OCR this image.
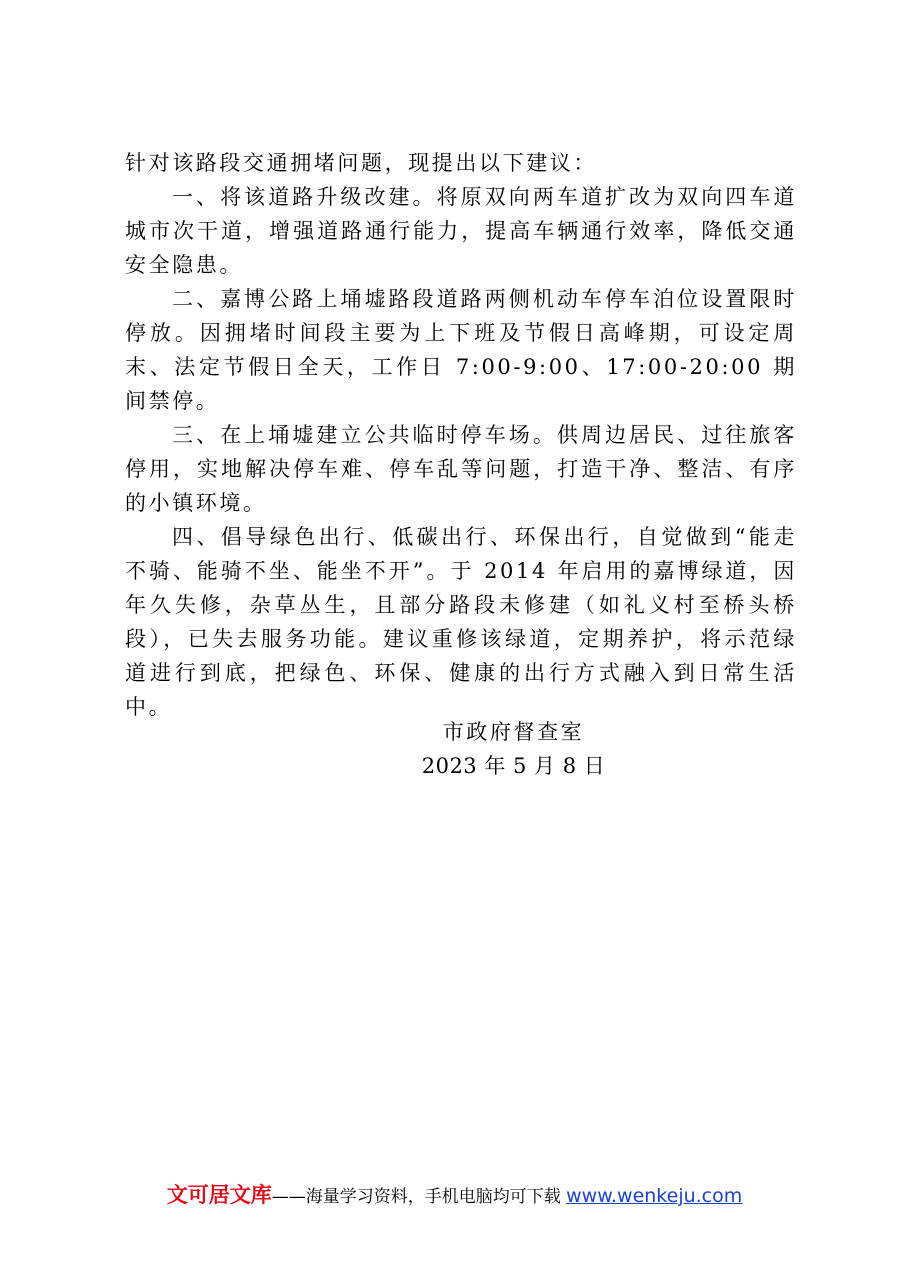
针对该路段交通拥堵问题，现提出以下建议：

一、将该道路升级改建。将原双向两车道扩改为双向四车道城市次干道，增强道路通行能力，提高车辆通行效率，降低交通安全隐患。

二、嘉博公路上埇墟路段道路两侧机动车停车泊位设置限时停放。因拥堵时间段主要为上下班及节假日高峰期，可设定周末、法定节假日全天，工作日 7:00-9:00、17:00-20:00 期间禁停。

三、在上埇墟建立公共临时停车场。供周边居民、过往旅客停用，实地解决停车难、停车乱等问题，打造干净、整洁、有序的小镇环境。

四、倡导绿色出行、低碳出行、环保出行，自觉做到“能走不骑、能骑不坐、能坐不开”。于 2014 年启用的嘉博绿道，因年久失修，杂草丛生，且部分路段未修建（如礼义村至桥头桥段），已失去服务功能。建议重修该绿道，定期养护，将示范绿道进行到底，把绿色、环保、健康的出行方式融入到日常生活中。

市政府督查室
2023 年 5 月 8 日
文可居文库——海量学习资料，手机电脑均可下载 www.wenkeju.com
